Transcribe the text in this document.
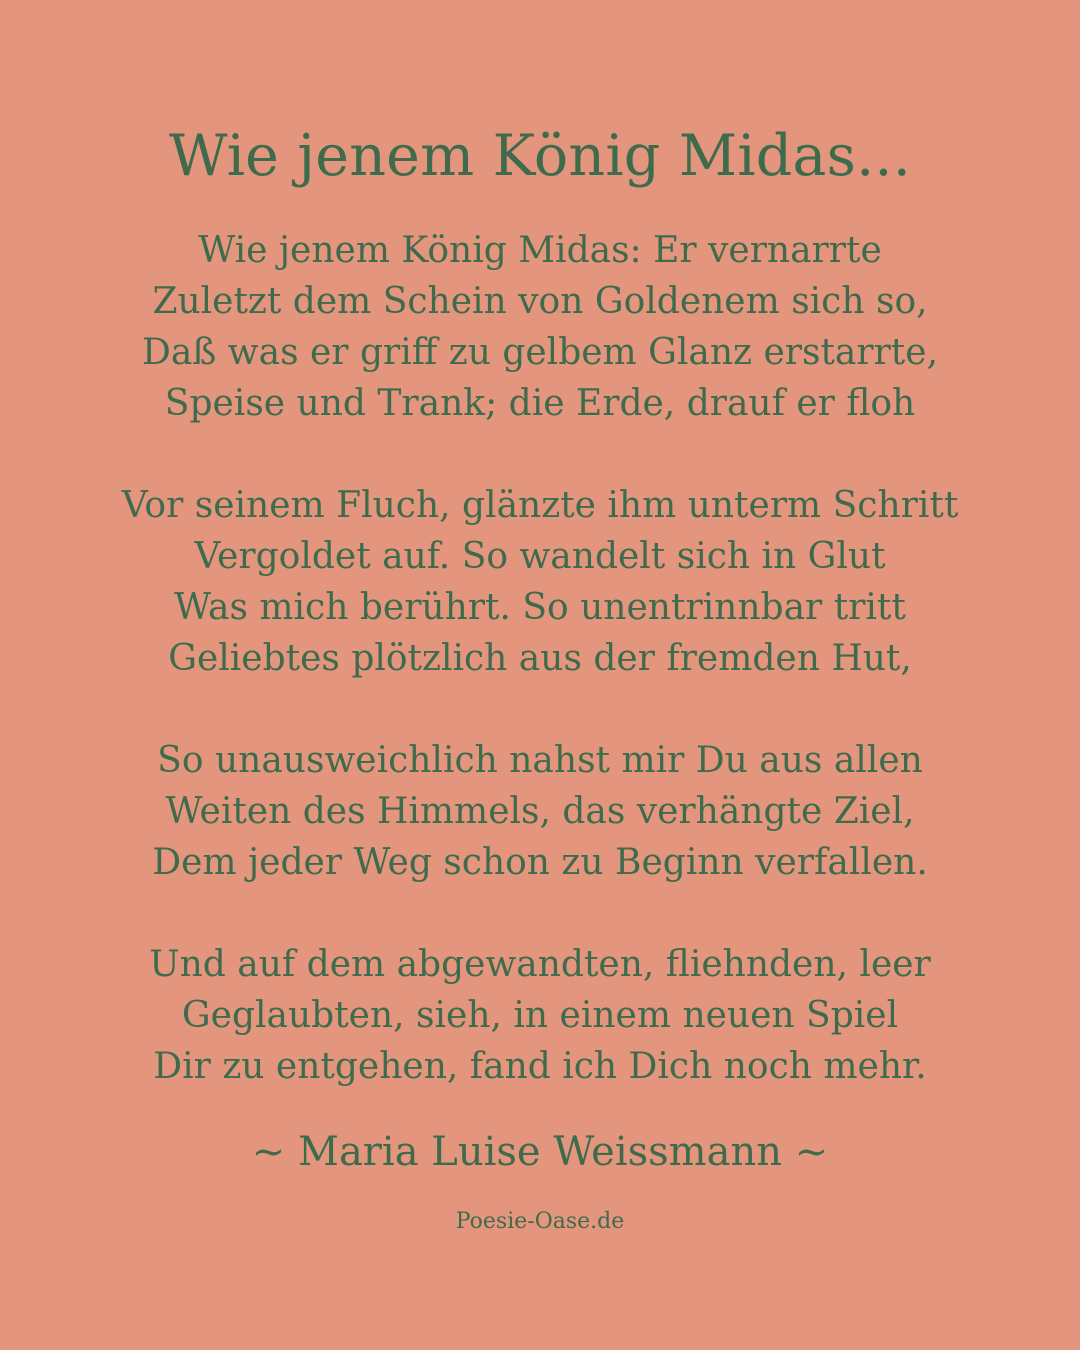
Wie jenem König Midas...
Wie jenem König Midas: Er vernarrte
Zuletzt dem Schein von Goldenem sich so,
Daß was er griff zu gelbem Glanz erstarrte,
Speise und Trank; die Erde, drauf er floh
Vor seinem Fluch, glänzte ihm unterm Schritt
Vergoldet auf. So wandelt sich in Glut
Was mich berührt. So unentrinnbar tritt
Geliebtes plötzlich aus der fremden Hut,
So unausweichlich nahst mir Du aus allen
Weiten des Himmels, das verhängte Ziel,
Dem jeder Weg schon zu Beginn verfallen.
Und auf dem abgewandten, fliehnden, leer
Geglaubten, sieh, in einem neuen Spiel
Dir zu entgehen, fand ich Dich noch mehr.

~ Maria Luise Weissmann ~

Poesie-Oase.de
